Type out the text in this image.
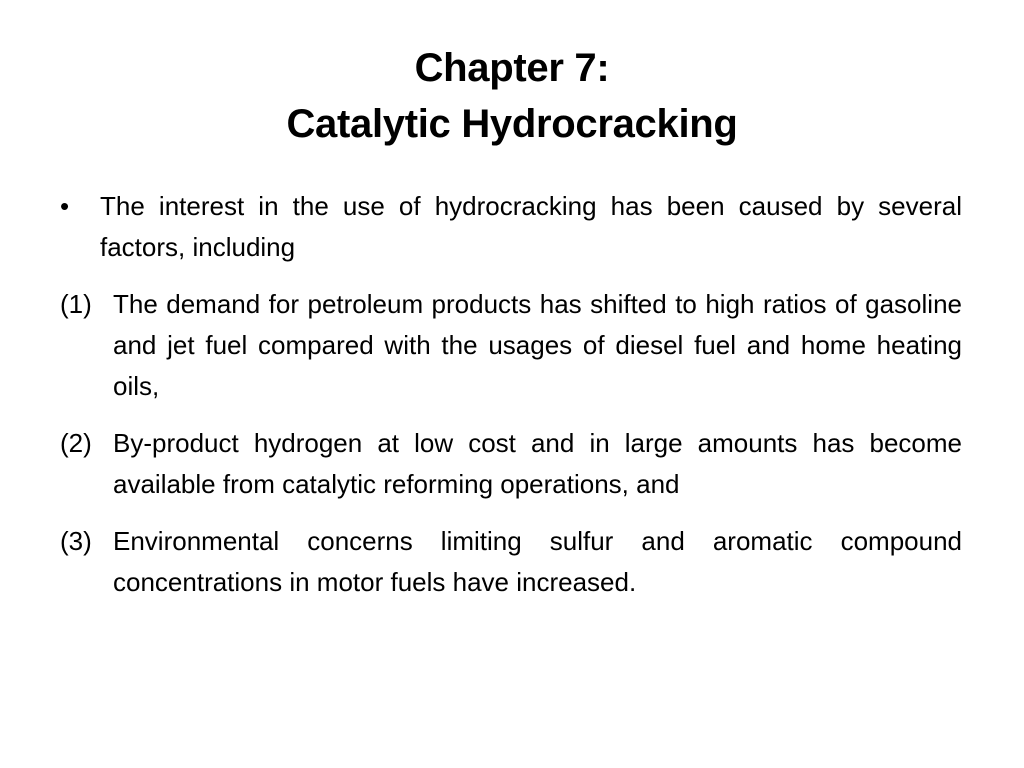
Chapter 7:
Catalytic Hydrocracking
• The interest in the use of hydrocracking has been caused by several factors, including
(1) The demand for petroleum products has shifted to high ratios of gasoline and jet fuel compared with the usages of diesel fuel and home heating oils,
(2) By-product hydrogen at low cost and in large amounts has become available from catalytic reforming operations, and
(3) Environmental concerns limiting sulfur and aromatic compound concentrations in motor fuels have increased.
